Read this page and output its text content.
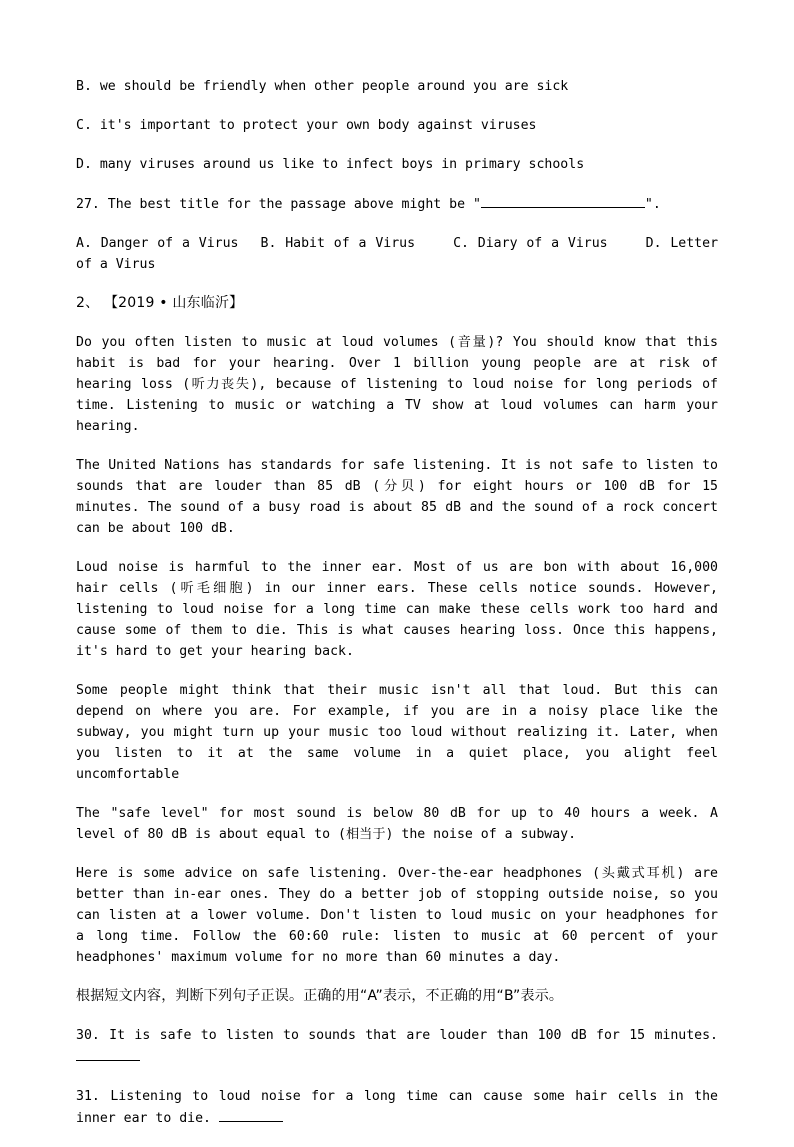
B. we should be friendly when other people around you are sick

C. it's important to protect your own body against viruses

D. many viruses around us like to infect boys in primary schools

27. The best title for the passage above might be "	".

A. Danger of a Virus B. Habit of a Virus	C. Diary of a Virus	D. Letter of a Virus

2、 【2019 • 山东临沂】

Do you often listen to music at loud volumes (音量)? You should know that this habit is bad for your hearing. Over 1 billion young people are at risk of hearing loss (听力丧失), because of listening to loud noise for long periods of time. Listening to music or watching a TV show at loud volumes can harm your hearing.

The United Nations has standards for safe listening. It is not safe to listen to sounds that are louder than 85 dB (分贝) for eight hours or 100 dB for 15 minutes. The sound of a busy road is about 85 dB and the sound of a rock concert can be about 100 dB.

Loud noise is harmful to the inner ear. Most of us are bon with about 16,000 hair cells (听毛细胞) in our inner ears. These cells notice sounds. However, listening to loud noise for a long time can make these cells work too hard and cause some of them to die. This is what causes hearing loss. Once this happens, it's hard to get your hearing back.

Some people might think that their music isn't all that loud. But this can depend on where you are. For example, if you are in a noisy place like the subway, you might turn up your music too loud without realizing it. Later, when you listen to it at the same volume in a quiet place, you alight feel uncomfortable

The "safe level" for most sound is below 80 dB for up to 40 hours a week. A level of 80 dB is about equal to (相当于) the noise of a subway.

Here is some advice on safe listening. Over-the-ear headphones (头戴式耳机) are better than in-ear ones. They do a better job of stopping outside noise, so you can listen at a lower volume. Don't listen to loud music on your headphones for a long time. Follow the 60:60 rule: listen to music at 60 percent of your headphones' maximum volume for no more than 60 minutes a day.

根据短文内容，判断下列句子正误。正确的用“A”表示，不正确的用“B”表示。

30. It is safe to listen to sounds that are louder than 100 dB for 15 minutes.

31. Listening to loud noise for a long time can cause some hair cells in the inner ear to die.
